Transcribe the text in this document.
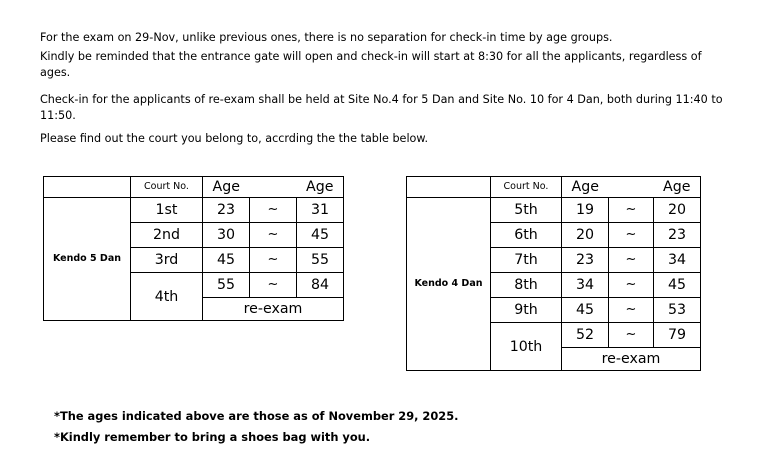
For the exam on 29-Nov, unlike previous ones, there is no separation for check-in time by age groups.

Kindly be reminded that the entrance gate will open and check-in will start at 8:30 for all the applicants, regardless of ages.

Check-in for the applicants of re-exam shall be held at Site No.4 for 5 Dan and Site No. 10 for 4 Dan, both during 11:40 to 11:50.

Please find out the court you belong to, accrding the the table below.

	Court No.	Age		Age
Kendo 5 Dan	1st	23	~	31
	2nd	30	~	45
	3rd	45	~	55
	4th	55	~	84
		re-exam		
	Court No.	Age		Age
Kendo 4 Dan	5th	19	~	20
	6th	20	~	23
	7th	23	~	34
	8th	34	~	45
	9th	45	~	53
	10th	52	~	79
		re-exam		

*The ages indicated above are those as of November 29, 2025.

*Kindly remember to bring a shoes bag with you.
